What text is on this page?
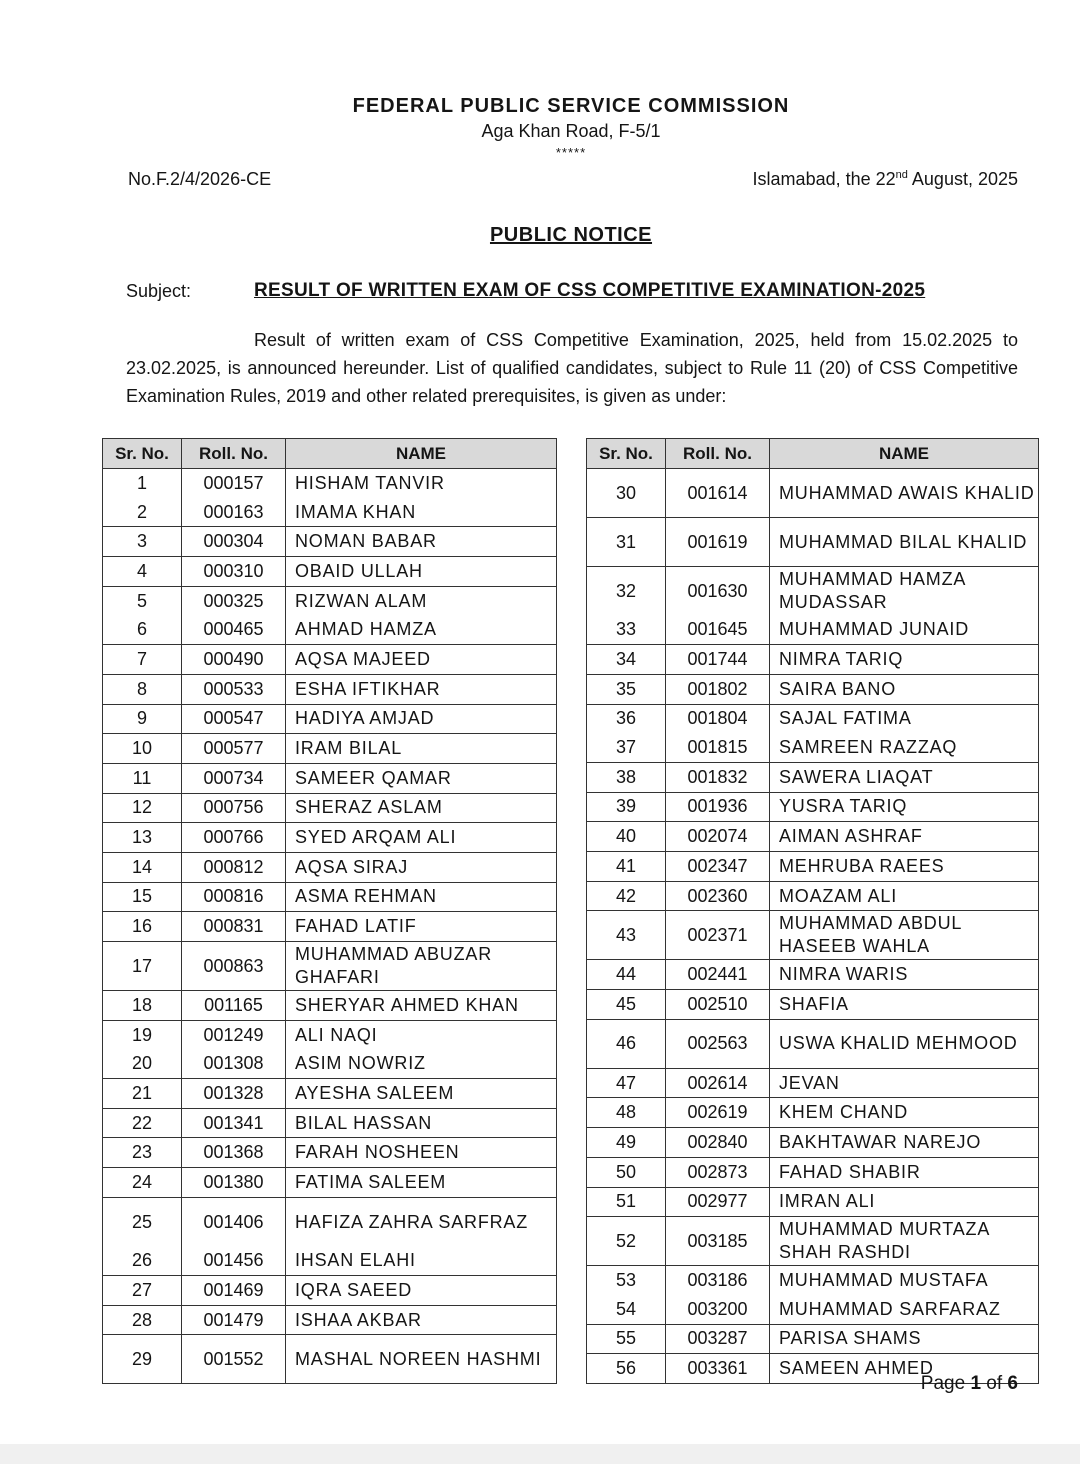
FEDERAL PUBLIC SERVICE COMMISSION
Aga Khan Road, F-5/1
*****
No.F.2/4/2026-CE	Islamabad, the 22nd August, 2025
PUBLIC NOTICE
Subject:	RESULT OF WRITTEN EXAM OF CSS COMPETITIVE EXAMINATION-2025
Result of written exam of CSS Competitive Examination, 2025, held from 15.02.2025 to 23.02.2025, is announced hereunder. List of qualified candidates, subject to Rule 11 (20) of CSS Competitive Examination Rules, 2019 and other related prerequisites, is given as under:
Sr. No.	Roll. No.	NAME
1	000157	HISHAM TANVIR
2	000163	IMAMA KHAN
3	000304	NOMAN BABAR
4	000310	OBAID ULLAH
5	000325	RIZWAN ALAM
6	000465	AHMAD HAMZA
7	000490	AQSA MAJEED
8	000533	ESHA IFTIKHAR
9	000547	HADIYA AMJAD
10	000577	IRAM BILAL
11	000734	SAMEER QAMAR
12	000756	SHERAZ ASLAM
13	000766	SYED ARQAM ALI
14	000812	AQSA SIRAJ
15	000816	ASMA REHMAN
16	000831	FAHAD LATIF
17	000863	MUHAMMAD ABUZAR GHAFARI
18	001165	SHERYAR AHMED KHAN
19	001249	ALI NAQI
20	001308	ASIM NOWRIZ
21	001328	AYESHA SALEEM
22	001341	BILAL HASSAN
23	001368	FARAH NOSHEEN
24	001380	FATIMA SALEEM
25	001406	HAFIZA ZAHRA SARFRAZ
26	001456	IHSAN ELAHI
27	001469	IQRA SAEED
28	001479	ISHAA AKBAR
29	001552	MASHAL NOREEN HASHMI
Sr. No.	Roll. No.	NAME
30	001614	MUHAMMAD AWAIS KHALID
31	001619	MUHAMMAD BILAL KHALID
32	001630	MUHAMMAD HAMZA MUDASSAR
33	001645	MUHAMMAD JUNAID
34	001744	NIMRA TARIQ
35	001802	SAIRA BANO
36	001804	SAJAL FATIMA
37	001815	SAMREEN RAZZAQ
38	001832	SAWERA LIAQAT
39	001936	YUSRA TARIQ
40	002074	AIMAN ASHRAF
41	002347	MEHRUBA RAEES
42	002360	MOAZAM ALI
43	002371	MUHAMMAD ABDUL HASEEB WAHLA
44	002441	NIMRA WARIS
45	002510	SHAFIA
46	002563	USWA KHALID MEHMOOD
47	002614	JEVAN
48	002619	KHEM CHAND
49	002840	BAKHTAWAR NAREJO
50	002873	FAHAD SHABIR
51	002977	IMRAN ALI
52	003185	MUHAMMAD MURTAZA SHAH RASHDI
53	003186	MUHAMMAD MUSTAFA
54	003200	MUHAMMAD SARFARAZ
55	003287	PARISA SHAMS
56	003361	SAMEEN AHMED
Page 1 of 6
